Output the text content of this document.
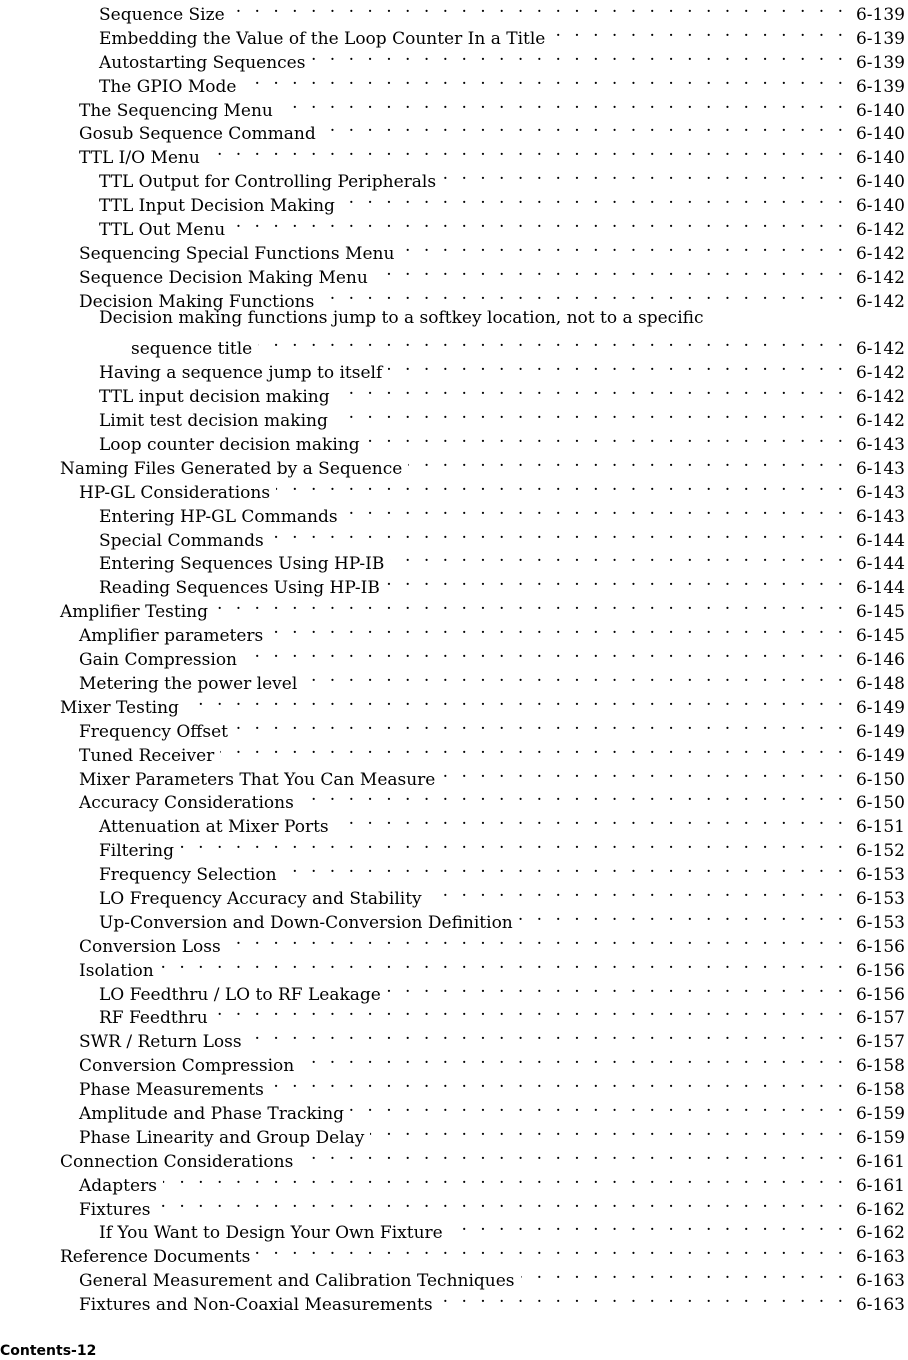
Sequence Size . . .	6-139
Embedding the Value of the Loop Counter In a Title . . .	6-139
Autostarting Sequences . . .	6-139
The GPIO Mode . . .	6-139
The Sequencing Menu . . .	6-140
Gosub Sequence Command . . .	6-140
TTL I/O Menu . . .	6-140
TTL Output for Controlling Peripherals . . .	6-140
TTL Input Decision Making . . .	6-140
TTL Out Menu . . .	6-142
Sequencing Special Functions Menu . . .	6-142
Sequence Decision Making Menu . . .	6-142
Decision Making Functions . . .	6-142
Decision making functions jump to a softkey location, not to a specific
sequence title . . .	6-142
Having a sequence jump to itself . . .	6-142
TTL input decision making . . .	6-142
Limit test decision making . . .	6-142
Loop counter decision making . . .	6-143
Naming Files Generated by a Sequence . . .	6-143
HP-GL Considerations . . .	6-143
Entering HP-GL Commands . . .	6-143
Special Commands . . .	6-144
Entering Sequences Using HP-IB . . .	6-144
Reading Sequences Using HP-IB . . .	6-144
Amplifier Testing . . .	6-145
Amplifier parameters . . .	6-145
Gain Compression . . .	6-146
Metering the power level . . .	6-148
Mixer Testing . . .	6-149
Frequency Offset . . .	6-149
Tuned Receiver . . .	6-149
Mixer Parameters That You Can Measure . . .	6-150
Accuracy Considerations . . .	6-150
Attenuation at Mixer Ports . . .	6-151
Filtering . . .	6-152
Frequency Selection . . .	6-153
LO Frequency Accuracy and Stability . . .	6-153
Up-Conversion and Down-Conversion Definition . . .	6-153
Conversion Loss . . .	6-156
Isolation . . .	6-156
LO Feedthru / LO to RF Leakage . . .	6-156
RF Feedthru . . .	6-157
SWR / Return Loss . . .	6-157
Conversion Compression . . .	6-158
Phase Measurements . . .	6-158
Amplitude and Phase Tracking . . .	6-159
Phase Linearity and Group Delay . . .	6-159
Connection Considerations . . .	6-161
Adapters . . .	6-161
Fixtures . . .	6-162
If You Want to Design Your Own Fixture . . .	6-162
Reference Documents . . .	6-163
General Measurement and Calibration Techniques . . .	6-163
Fixtures and Non-Coaxial Measurements . . .	6-163
Contents-12
